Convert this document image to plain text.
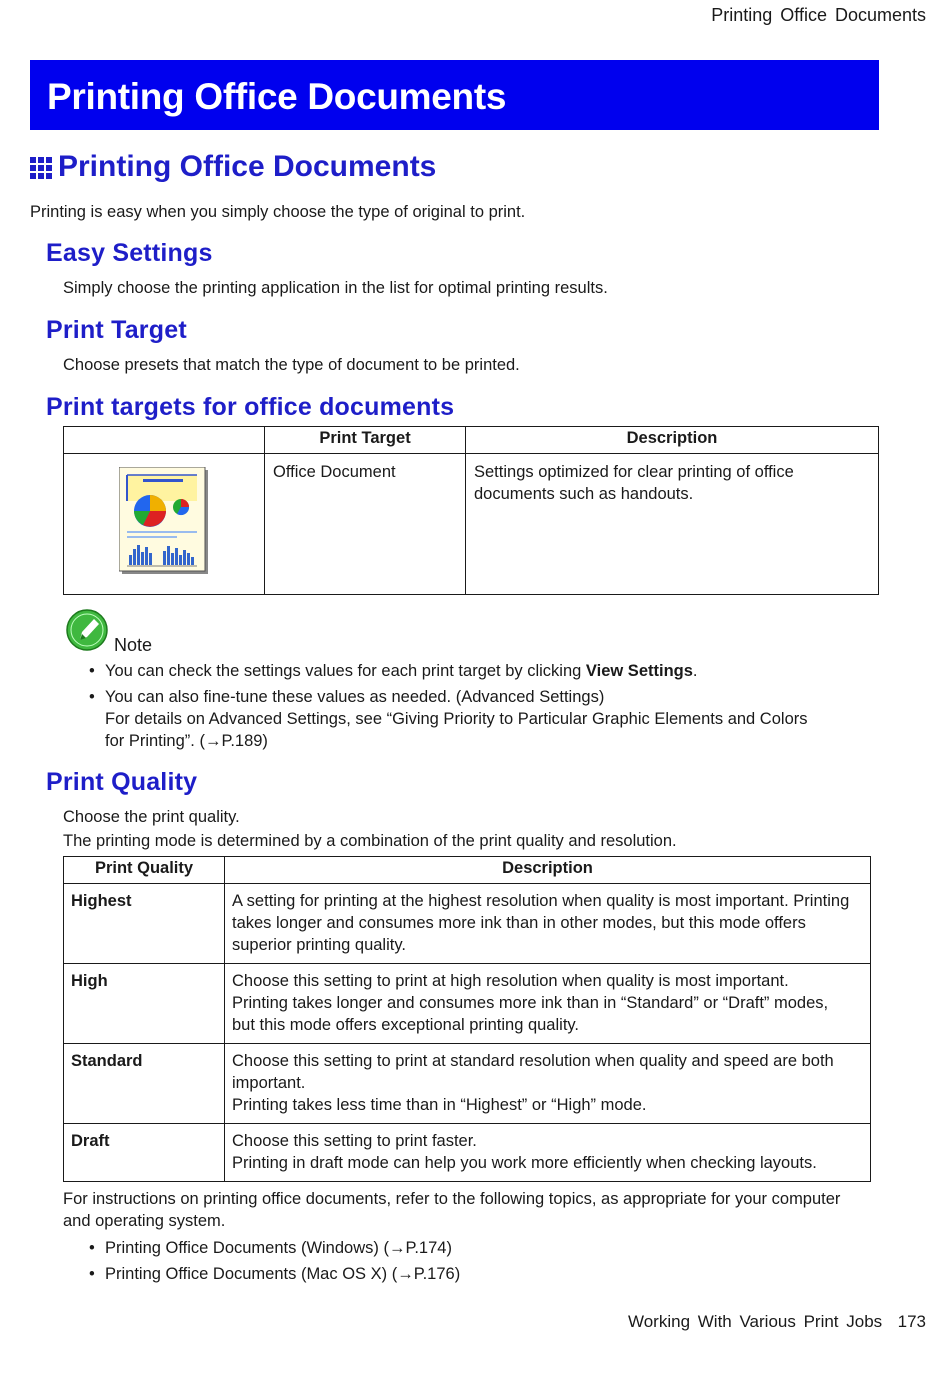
Printing Office Documents
Printing Office Documents
Printing Office Documents
Printing is easy when you simply choose the type of original to print.
Easy Settings
Simply choose the printing application in the list for optimal printing results.
Print Target
Choose presets that match the type of document to be printed.
Print targets for office documents
	Print Target	Description
	Office Document	Settings optimized for clear printing of office documents such as handouts.
Note
• You can check the settings values for each print target by clicking View Settings.
• You can also fine-tune these values as needed. (Advanced Settings)
For details on Advanced Settings, see “Giving Priority to Particular Graphic Elements and Colors
for Printing”. (→P.189)
Print Quality
Choose the print quality.
The printing mode is determined by a combination of the print quality and resolution.
Print Quality	Description
Highest	A setting for printing at the highest resolution when quality is most important. Printing
takes longer and consumes more ink than in other modes, but this mode offers
superior printing quality.

High	Choose this setting to print at high resolution when quality is most important.
Printing takes longer and consumes more ink than in “Standard” or “Draft” modes,
but this mode offers exceptional printing quality.

Standard	Choose this setting to print at standard resolution when quality and speed are both
important.
Printing takes less time than in “Highest” or “High” mode.

Draft	Choose this setting to print faster.
Printing in draft mode can help you work more efficiently when checking layouts.
For instructions on printing office documents, refer to the following topics, as appropriate for your computer
and operating system.
• Printing Office Documents (Windows) (→P.174)
• Printing Office Documents (Mac OS X) (→P.176)
Working With Various Print Jobs 173
